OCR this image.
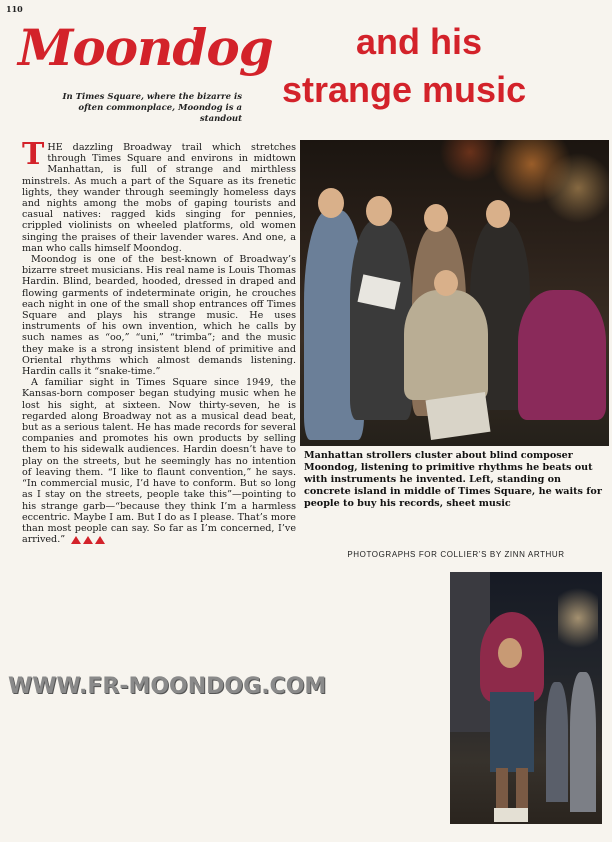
110
Moondog	and his
strange music
In Times Square, where the bizarre is often commonplace, Moondog is a standout

THE dazzling Broadway trail which stretches through Times Square and environs in midtown Manhattan, is full of strange and mirthless minstrels. As much a part of the Square as its frenetic lights, they wander through seemingly homeless days and nights among the mobs of gaping tourists and casual natives: ragged kids singing for pennies, crippled violinists on wheeled platforms, old women singing the praises of their lavender wares. And one, a man who calls himself Moondog.

Moondog is one of the best-known of Broadway’s bizarre street musicians. His real name is Louis Thomas Hardin. Blind, bearded, hooded, dressed in draped and flowing garments of indeterminate origin, he crouches each night in one of the small shop entrances off Times Square and plays his strange music. He uses instruments of his own invention, which he calls by such names as “oo,” “uni,” “trimba”; and the music they make is a strong insistent blend of primitive and Oriental rhythms which almost demands listening. Hardin calls it “snake-time.”

A familiar sight in Times Square since 1949, the Kansas-born composer began studying music when he lost his sight, at sixteen. Now thirty-seven, he is regarded along Broadway not as a musical dead beat, but as a serious talent. He has made records for several companies and promotes his own products by selling them to his sidewalk audiences. Hardin doesn’t have to play on the streets, but he seemingly has no intention of leaving them. “I like to flaunt convention,” he says. “In commercial music, I’d have to conform. But so long as I stay on the streets, people take this”—pointing to his strange garb—“because they think I’m a harmless eccentric. Maybe I am. But I do as I please. That’s more than most people can say. So far as I’m concerned, I’ve arrived.”

Manhattan strollers cluster about blind composer Moondog, listening to primitive rhythms he beats out with instruments he invented. Left, standing on concrete island in middle of Times Square, he waits for people to buy his records, sheet music
PHOTOGRAPHS FOR COLLIER’S BY ZINN ARTHUR
WWW.FR-MOONDOG.COM
